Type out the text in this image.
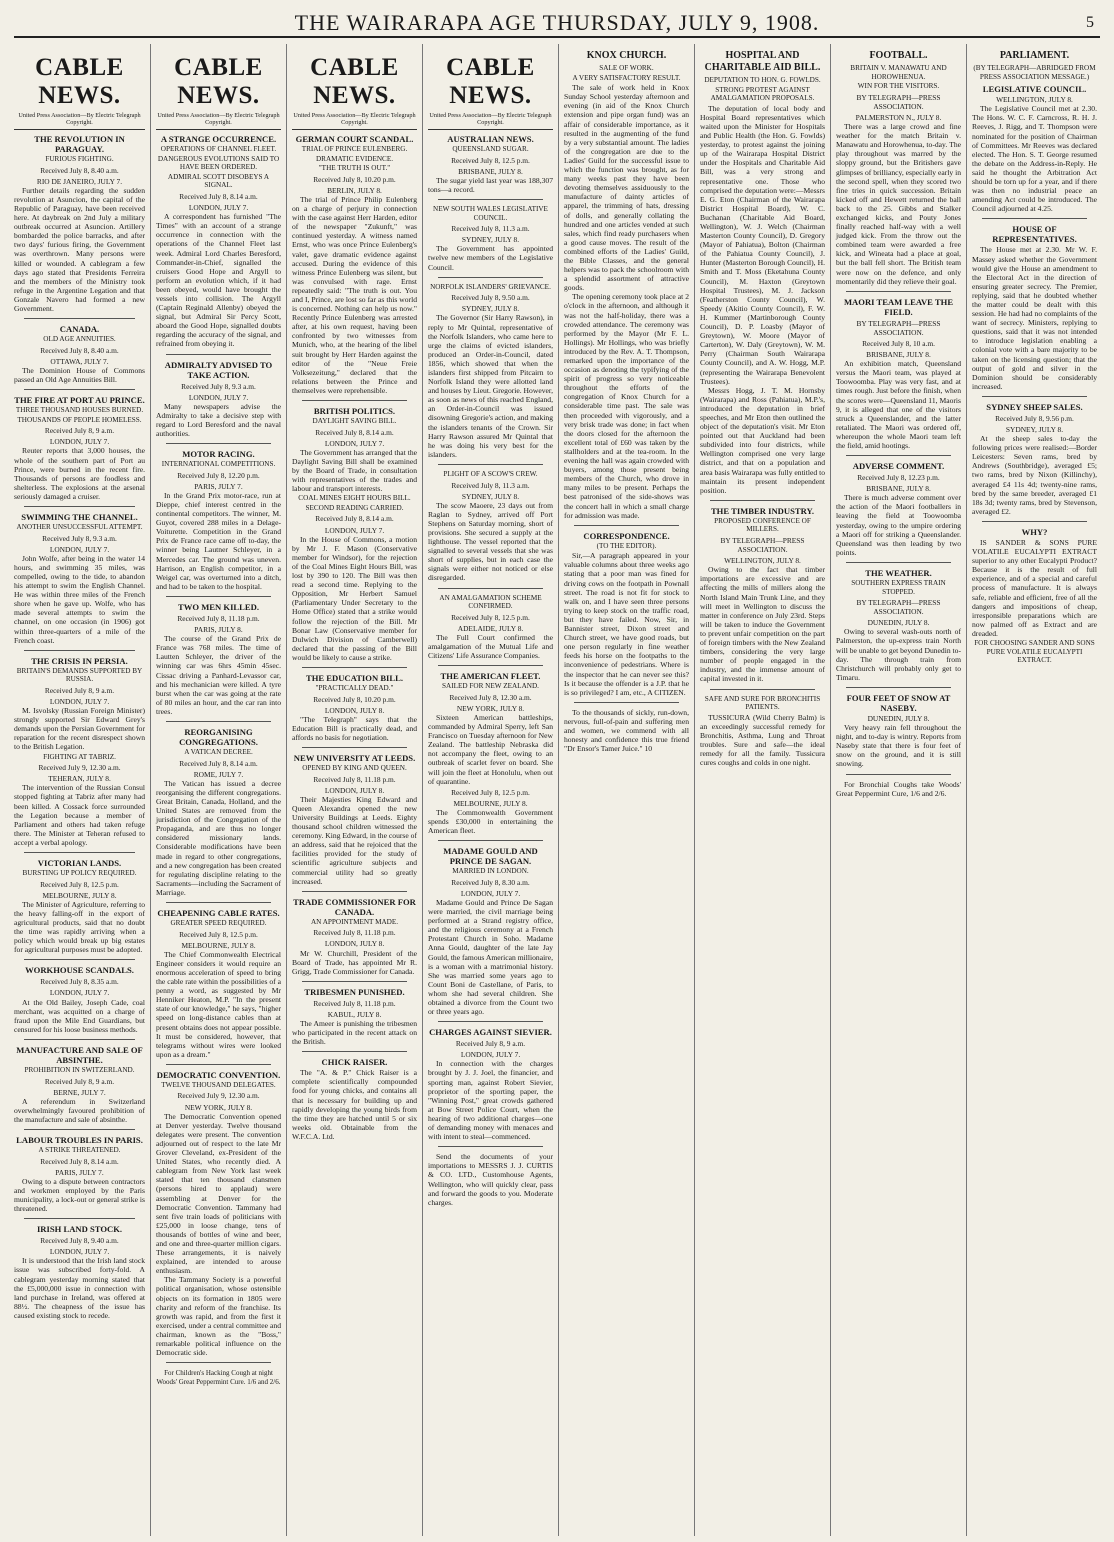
THE WAIRARAPA AGE THURSDAY, JULY 9, 1908.	5
CABLE NEWS.
United Press Association—By Electric Telegraph Copyright.
THE REVOLUTION IN PARAGUAY.
FURIOUS FIGHTING.
Received July 8, 8.40 a.m.
RIO DE JANEIRO, JULY 7.

Further details regarding the sudden revolution at Asuncion, the capital of the Republic of Paraguay, have been received here. At daybreak on 2nd July a military outbreak occurred at Asuncion. Artillery bombarded the police barracks, and after two days' furious firing, the Government was overthrown. Many persons were killed or wounded. A cablegram a few days ago stated that Presidents Ferreira and the members of the Ministry took refuge in the Argentine Legation and that Gonzale Navero had formed a new Government.

CANADA.
OLD AGE ANNUITIES.
Received July 8, 8.40 a.m.
OTTAWA, JULY 7.

The Dominion House of Commons passed an Old Age Annuities Bill.

THE FIRE AT PORT AU PRINCE.
THREE THOUSAND HOUSES BURNED.
THOUSANDS OF PEOPLE HOMELESS.
Received July 8, 9 a.m.
LONDON, JULY 7.

Reuter reports that 3,000 houses, the whole of the southern part of Port au Prince, were burned in the recent fire. Thousands of persons are foodless and shelterless. The explosions at the arsenal seriously damaged a cruiser.

SWIMMING THE CHANNEL.
ANOTHER UNSUCCESSFUL ATTEMPT.
Received July 8, 9.3 a.m.
LONDON, JULY 7.

John Wolfe, after being in the water 14 hours, and swimming 35 miles, was compelled, owing to the tide, to abandon his attempt to swim the English Channel. He was within three miles of the French shore when he gave up. Wolfe, who has made several attempts to swim the channel, on one occasion (in 1906) got within three-quarters of a mile of the French coast.

THE CRISIS IN PERSIA.
BRITAIN'S DEMANDS SUPPORTED BY RUSSIA.
Received July 8, 9 a.m.
LONDON, JULY 7.

M. Isvolsky (Russian Foreign Minister) strongly supported Sir Edward Grey's demands upon the Persian Government for reparation for the recent disrespect shown to the British Legation.

FIGHTING AT TABRIZ.
Received July 9, 12.30 a.m.
TEHERAN, JULY 8.

The intervention of the Russian Consul stopped fighting at Tabriz after many had been killed. A Cossack force surrounded the Legation because a member of Parliament and others had taken refuge there. The Minister at Teheran refused to accept a verbal apology.

VICTORIAN LANDS.
BURSTING UP POLICY REQUIRED.
Received July 8, 12.5 p.m.
MELBOURNE, JULY 8.

The Minister of Agriculture, referring to the heavy falling-off in the export of agricultural products, said that no doubt the time was rapidly arriving when a policy which would break up big estates for agricultural purposes must be adopted.

WORKHOUSE SCANDALS.
Received July 8, 8.35 a.m.
LONDON, JULY 7.

At the Old Bailey, Joseph Cade, coal merchant, was acquitted on a charge of fraud upon the Mile End Guardians, but censured for his loose business methods.

MANUFACTURE AND SALE OF ABSINTHE.
PROHIBITION IN SWITZERLAND.
Received July 8, 9 a.m.
BERNE, JULY 7.

A referendum in Switzerland overwhelmingly favoured prohibition of the manufacture and sale of absinthe.

LABOUR TROUBLES IN PARIS.
A STRIKE THREATENED.
Received July 8, 8.14 a.m.
PARIS, JULY 7.

Owing to a dispute between contractors and workmen employed by the Paris municipality, a lock-out or general strike is threatened.

IRISH LAND STOCK.
Received July 8, 9.40 a.m.
LONDON, JULY 7.

It is understood that the Irish land stock issue was subscribed forty-fold. A cablegram yesterday morning stated that the £5,000,000 issue in connection with land purchase in Ireland, was offered at 88½. The cheapness of the issue has caused existing stock to recede.

CABLE NEWS.
United Press Association—By Electric Telegraph Copyright.
A STRANGE OCCURRENCE.
OPERATIONS OF CHANNEL FLEET.
DANGEROUS EVOLUTIONS SAID TO HAVE BEEN ORDERED.
ADMIRAL SCOTT DISOBEYS A SIGNAL.
Received July 8, 8.14 a.m.
LONDON, JULY 7.

A correspondent has furnished "The Times" with an account of a strange occurrence in connection with the operations of the Channel Fleet last week. Admiral Lord Charles Beresford, Commander-in-Chief, signalled the cruisers Good Hope and Argyll to perform an evolution which, if it had been obeyed, would have brought the vessels into collision. The Argyll (Captain Reginald Allenby) obeyed the signal, but Admiral Sir Percy Scott, aboard the Good Hope, signalled doubts regarding the accuracy of the signal, and refrained from obeying it.

ADMIRALTY ADVISED TO TAKE ACTION.
Received July 8, 9.3 a.m.
LONDON, JULY 7.

Many newspapers advise the Admiralty to take a decisive step with regard to Lord Beresford and the naval authorities.

MOTOR RACING.
INTERNATIONAL COMPETITIONS.
Received July 8, 12.20 p.m.
PARIS, JULY 7.

In the Grand Prix motor-race, run at Dieppe, chief interest centred in the continental competitors. The winner, M. Guyot, covered 288 miles in a Delage-Voiturette. Competition in the Grand Prix de France race came off to-day, the winner being Lautner Schleyer, in a Mercedes car. The ground was uneven. Harrison, an English competitor, in a Weigel car, was overturned into a ditch, and had to be taken to the hospital.

TWO MEN KILLED.
Received July 8, 11.18 p.m.
PARIS, JULY 8.

The course of the Grand Prix de France was 768 miles. The time of Lautten Schleyer, the driver of the winning car was 6hrs 45min 45sec. Cissac driving a Panhard-Levassor car, and his mechanician were killed. A tyre burst when the car was going at the rate of 80 miles an hour, and the car ran into trees.

REORGANISING CONGREGATIONS.
A VATICAN DECREE.
Received July 8, 8.14 a.m.
ROME, JULY 7.

The Vatican has issued a decree reorganising the different congregations. Great Britain, Canada, Holland, and the United States are removed from the jurisdiction of the Congregation of the Propaganda, and are thus no longer considered missionary lands. Considerable modifications have been made in regard to other congregations, and a new congregation has been created for regulating discipline relating to the Sacraments—including the Sacrament of Marriage.

CHEAPENING CABLE RATES.
GREATER SPEED REQUIRED.
Received July 8, 12.5 p.m.
MELBOURNE, JULY 8.

The Chief Commonwealth Electrical Engineer considers it would require an enormous acceleration of speed to bring the cable rate within the possibilities of a penny a word, as suggested by Mr Henniker Heaton, M.P. "In the present state of our knowledge," he says, "higher speed on long-distance cables than at present obtains does not appear possible. It must be considered, however, that telegrams without wires were looked upon as a dream."

DEMOCRATIC CONVENTION.
TWELVE THOUSAND DELEGATES.
Received July 9, 12.30 a.m.
NEW YORK, JULY 8.

The Democratic Convention opened at Denver yesterday. Twelve thousand delegates were present. The convention adjourned out of respect to the late Mr Grover Cleveland, ex-President of the United States, who recently died. A cablegram from New York last week stated that ten thousand clansmen (persons hired to applaud) were assembling at Denver for the Democratic Convention. Tammany had sent five train loads of politicians with £25,000 in loose change, tens of thousands of bottles of wine and beer, and one and three-quarter million cigars. These arrangements, it is naively explained, are intended to arouse enthusiasm.

The Tammany Society is a powerful political organisation, whose ostensible objects on its formation in 1805 were charity and reform of the franchise. Its growth was rapid, and from the first it exercised, under a central committee and chairman, known as the "Boss," remarkable political influence on the Democratic side.

For Children's Hacking Cough at night Woods' Great Peppermint Cure. 1/6 and 2/6.
CABLE NEWS.
United Press Association—By Electric Telegraph Copyright.
GERMAN COURT SCANDAL.
TRIAL OF PRINCE EULENBERG.
DRAMATIC EVIDENCE.
"THE TRUTH IS OUT."
Received July 8, 10.20 p.m.
BERLIN, JULY 8.

The trial of Prince Philip Eulenberg on a charge of perjury in connection with the case against Herr Harden, editor of the newspaper "Zukunft," was continued yesterday. A witness named Ernst, who was once Prince Eulenberg's valet, gave dramatic evidence against accused. During the evidence of this witness Prince Eulenberg was silent, but was convulsed with rage. Ernst repeatedly said: "The truth is out. You and I, Prince, are lost so far as this world is concerned. Nothing can help us now." Recently Prince Eulenberg was arrested after, at his own request, having been confronted by two witnesses from Munich, who, at the hearing of the libel suit brought by Herr Harden against the editor of the "Neue Freie Volksezeitung," declared that the relations between the Prince and themselves were reprehensible.

BRITISH POLITICS.
DAYLIGHT SAVING BILL.
Received July 8, 8.14 a.m.
LONDON, JULY 7.

The Government has arranged that the Daylight Saving Bill shall be examined by the Board of Trade, in consultation with representatives of the trades and labour and transport interests.

COAL MINES EIGHT HOURS BILL.
SECOND READING CARRIED.
Received July 8, 8.14 a.m.
LONDON, JULY 7.

In the House of Commons, a motion by Mr J. F. Mason (Conservative member for Windsor), for the rejection of the Coal Mines Eight Hours Bill, was lost by 390 to 120. The Bill was then read a second time. Replying to the Opposition, Mr Herbert Samuel (Parliamentary Under Secretary to the Home Office) stated that a strike would follow the rejection of the Bill. Mr Bonar Law (Conservative member for Dulwich Division of Camberwell) declared that the passing of the Bill would be likely to cause a strike.

THE EDUCATION BILL.
"PRACTICALLY DEAD."
Received July 8, 10.20 p.m.
LONDON, JULY 8.

"The Telegraph" says that the Education Bill is practically dead, and affords no basis for negotiation.

NEW UNIVERSITY AT LEEDS.
OPENED BY KING AND QUEEN.
Received July 8, 11.18 p.m.
LONDON, JULY 8.

Their Majesties King Edward and Queen Alexandra opened the new University Buildings at Leeds. Eighty thousand school children witnessed the ceremony. King Edward, in the course of an address, said that he rejoiced that the facilities provided for the study of scientific agriculture subjects and commercial utility had so greatly increased.

TRADE COMMISSIONER FOR CANADA.
AN APPOINTMENT MADE.
Received July 8, 11.18 p.m.
LONDON, JULY 8.

Mr W. Churchill, President of the Board of Trade, has appointed Mr R. Grigg, Trade Commissioner for Canada.

TRIBESMEN PUNISHED.
Received July 8, 11.18 p.m.
KABUL, JULY 8.

The Ameer is punishing the tribesmen who participated in the recent attack on the British.

CHICK RAISER.

The "A. & P." Chick Raiser is a complete scientifically compounded food for young chicks, and contains all that is necessary for building up and rapidly developing the young birds from the time they are hatched until 5 or six weeks old. Obtainable from the W.F.C.A. Ltd.

CABLE NEWS.
United Press Association—By Electric Telegraph Copyright.
AUSTRALIAN NEWS.
QUEENSLAND SUGAR.
Received July 8, 12.5 p.m.
BRISBANE, JULY 8.

The sugar yield last year was 188,307 tons—a record.

NEW SOUTH WALES LEGISLATIVE COUNCIL.
Received July 8, 11.3 a.m.
SYDNEY, JULY 8.

The Government has appointed twelve new members of the Legislative Council.

NORFOLK ISLANDERS' GRIEVANCE.
Received July 8, 9.50 a.m.
SYDNEY, JULY 8.

The Governor (Sir Harry Rawson), in reply to Mr Quintal, representative of the Norfolk Islanders, who came here to urge the claims of evicted islanders, produced an Order-in-Council, dated 1856, which showed that when the islanders first shipped from Pitcairn to Norfolk Island they were allotted land and houses by Lieut. Gregorie. However, as soon as news of this reached England, an Order-in-Council was issued disowning Gregorie's action, and making the islanders tenants of the Crown. Sir Harry Rawson assured Mr Quintal that he was doing his very best for the islanders.

PLIGHT OF A SCOW'S CREW.
Received July 8, 11.3 a.m.
SYDNEY, JULY 8.

The scow Maoere, 23 days out from Raglan to Sydney, arrived off Port Stephens on Saturday morning, short of provisions. She secured a supply at the lighthouse. The vessel reported that the signalled to several vessels that she was short of supplies, but in each case the signals were either not noticed or else disregarded.

AN AMALGAMATION SCHEME CONFIRMED.
Received July 8, 12.5 p.m.
ADELAIDE, JULY 8.

The Full Court confirmed the amalgamation of the Mutual Life and Citizens' Life Assurance Companies.

THE AMERICAN FLEET.
SAILED FOR NEW ZEALAND.
Received July 8, 12.30 a.m.
NEW YORK, JULY 8.

Sixteen American battleships, commanded by Admiral Sperry, left San Francisco on Tuesday afternoon for New Zealand. The battleship Nebraska did not accompany the fleet, owing to an outbreak of scarlet fever on board. She will join the fleet at Honolulu, when out of quarantine.

Received July 8, 12.5 p.m.
MELBOURNE, JULY 8.

The Commonwealth Government spends £30,000 in entertaining the American fleet.

MADAME GOULD AND PRINCE DE SAGAN.
MARRIED IN LONDON.
Received July 8, 8.30 a.m.
LONDON, JULY 7.

Madame Gould and Prince De Sagan were married, the civil marriage being performed at a Strand registry office, and the religious ceremony at a French Protestant Church in Soho. Madame Anna Gould, daughter of the late Jay Gould, the famous American millionaire, is a woman with a matrimonial history. She was married some years ago to Count Boni de Castellane, of Paris, to whom she had several children. She obtained a divorce from the Count two or three years ago.

CHARGES AGAINST SIEVIER.
Received July 8, 9 a.m.
LONDON, JULY 7.

In connection with the charges brought by J. J. Joel, the financier, and sporting man, against Robert Sievier, proprietor of the sporting paper, the "Winning Post," great crowds gathered at Bow Street Police Court, when the hearing of two additional charges—one of demanding money with menaces and with intent to steal—commenced.

Send the documents of your importations to MESSRS J. J. CURTIS & CO. LTD., Customhouse Agents, Wellington, who will quickly clear, pass and forward the goods to you. Moderate charges.

KNOX CHURCH.
SALE OF WORK.
A VERY SATISFACTORY RESULT.

The sale of work held in Knox Sunday School yesterday afternoon and evening (in aid of the Knox Church extension and pipe organ fund) was an affair of considerable importance, as it resulted in the augmenting of the fund by a very substantial amount. The ladies of the congregation are due to the Ladies' Guild for the successful issue to which the function was brought, as for many weeks past they have been devoting themselves assiduously to the manufacture of dainty articles of apparel, the trimming of hats, dressing of dolls, and generally collating the hundred and one articles vended at such sales, which find ready purchasers when a good cause moves. The result of the combined efforts of the Ladies' Guild, the Bible Classes, and the general helpers was to pack the schoolroom with a splendid assortment of attractive goods.

The opening ceremony took place at 2 o'clock in the afternoon, and although it was not the half-holiday, there was a crowded attendance. The ceremony was performed by the Mayor (Mr F. L. Hollings). Mr Hollings, who was briefly introduced by the Rev. A. T. Thompson, remarked upon the importance of the occasion as denoting the typifying of the spirit of progress so very noticeable throughout the efforts of the congregation of Knox Church for a considerable time past. The sale was then proceeded with vigorously, and a very brisk trade was done; in fact when the doors closed for the afternoon the excellent total of £60 was taken by the stallholders and at the tea-room. In the evening the hall was again crowded with buyers, among those present being members of the Church, who drove in many miles to be present. Perhaps the best patronised of the side-shows was the concert hall in which a small charge for admission was made.

CORRESPONDENCE.
(TO THE EDITOR).

Sir,—A paragraph appeared in your valuable columns about three weeks ago stating that a poor man was fined for driving cows on the footpath in Pownall street. The road is not fit for stock to walk on, and I have seen three persons trying to keep stock on the traffic road, but they have failed. Now, Sir, in Bannister street, Dixon street and Church street, we have good roads, but one person regularly in fine weather feeds his horse on the footpaths to the inconvenience of pedestrians. Where is the inspector that he can never see this? Is it because the offender is a J.P. that he is so privileged? I am, etc., A CITIZEN.

To the thousands of sickly, run-down, nervous, full-of-pain and suffering men and women, we commend with all honesty and confidence this true friend "Dr Ensor's Tamer Juice." 10

HOSPITAL AND CHARITABLE AID BILL.
DEPUTATION TO HON. G. FOWLDS.
STRONG PROTEST AGAINST AMALGAMATION PROPOSALS.

The deputation of local body and Hospital Board representatives which waited upon the Minister for Hospitals and Public Health (the Hon. G. Fowlds) yesterday, to protest against the joining up of the Wairarapa Hospital District under the Hospitals and Charitable Aid Bill, was a very strong and representative one. Those who comprised the deputation were:—Messrs E. G. Eton (Chairman of the Wairarapa District Hospital Board), W. C. Buchanan (Charitable Aid Board, Wellington), W. J. Welch (Chairman Masterton County Council), D. Gregory (Mayor of Pahiatua), Bolton (Chairman of the Pahiatua County Council), J. Hunter (Masterton Borough Council), H. Smith and T. Moss (Eketahuna County Council), M. Haxton (Greytown Hospital Trustees), M. J. Jackson (Featherston County Council), W. Speedy (Akitio County Council), F. W. H. Kummer (Martinborough County Council), D. P. Loasby (Mayor of Greytown), W. Moore (Mayor of Carterton), W. Daly (Greytown), W. M. Perry (Chairman South Wairarapa County Council), and A. W. Hogg, M.P. (representing the Wairarapa Benevolent Trustees).

Messrs Hogg, J. T. M. Hornsby (Wairarapa) and Ross (Pahiatua), M.P.'s, introduced the deputation in brief speeches, and Mr Eton then outlined the object of the deputation's visit. Mr Eton pointed out that Auckland had been subdivided into four districts, while Wellington comprised one very large district, and that on a population and area basis Wairarapa was fully entitled to maintain its present independent position.

THE TIMBER INDUSTRY.
PROPOSED CONFERENCE OF MILLERS.
BY TELEGRAPH—PRESS ASSOCIATION.
WELLINGTON, JULY 8.

Owing to the fact that timber importations are excessive and are affecting the mills of millers along the North Island Main Trunk Line, and they will meet in Wellington to discuss the matter in conference on July 23rd. Steps will be taken to induce the Government to prevent unfair competition on the part of foreign timbers with the New Zealand timbers, considering the very large number of people engaged in the industry, and the immense amount of capital invested in it.

SAFE AND SURE FOR BRONCHITIS PATIENTS.

TUSSICURA (Wild Cherry Balm) is an exceedingly successful remedy for Bronchitis, Asthma, Lung and Throat troubles. Sure and safe—the ideal remedy for all the family. Tussicura cures coughs and colds in one night.

FOOTBALL.
BRITAIN V. MANAWATU AND HOROWHENUA.
WIN FOR THE VISITORS.
BY TELEGRAPH—PRESS ASSOCIATION.
PALMERSTON N., JULY 8.

There was a large crowd and fine weather for the match Britain v. Manawatu and Horowhenua, to-day. The play throughout was marred by the sloppy ground, but the Britishers gave glimpses of brilliancy, especially early in the second spell, when they scored two fine tries in quick succession. Britain kicked off and Hewett returned the ball back to the 25. Gibbs and Stalker exchanged kicks, and Pouty Jones finally reached half-way with a well judged kick. From the throw out the combined team were awarded a free kick, and Wineata had a place at goal, but the ball fell short. The British team were now on the defence, and only momentarily did they relieve their goal.

MAORI TEAM LEAVE THE FIELD.
BY TELEGRAPH—PRESS ASSOCIATION.
Received July 8, 10 a.m.
BRISBANE, JULY 8.

An exhibition match, Queensland versus the Maori team, was played at Toowoomba. Play was very fast, and at times rough. Just before the finish, when the scores were—Queensland 11, Maoris 9, it is alleged that one of the visitors struck a Queenslander, and the latter retaliated. The Maori was ordered off, whereupon the whole Maori team left the field, amid hootings.

ADVERSE COMMENT.
Received July 8, 12.23 p.m.
BRISBANE, JULY 8.

There is much adverse comment over the action of the Maori footballers in leaving the field at Toowoomba yesterday, owing to the umpire ordering a Maori off for striking a Queenslander. Queensland was then leading by two points.

THE WEATHER.
SOUTHERN EXPRESS TRAIN STOPPED.
BY TELEGRAPH—PRESS ASSOCIATION.
DUNEDIN, JULY 8.

Owing to several wash-outs north of Palmerston, the up-express train North will be unable to get beyond Dunedin to-day. The through train from Christchurch will probably only get to Timaru.

FOUR FEET OF SNOW AT NASEBY.
DUNEDIN, JULY 8.

Very heavy rain fell throughout the night, and to-day is wintry. Reports from Naseby state that there is four feet of snow on the ground, and it is still snowing.

For Bronchial Coughs take Woods' Great Peppermint Cure, 1/6 and 2/6.

PARLIAMENT.
(BY TELEGRAPH—ABRIDGED FROM PRESS ASSOCIATION MESSAGE.)
LEGISLATIVE COUNCIL.
WELLINGTON, JULY 8.

The Legislative Council met at 2.30. The Hons. W. C. F. Carncross, R. H. J. Reeves, J. Rigg, and T. Thompson were nominated for the position of Chairman of Committees. Mr Reeves was declared elected. The Hon. S. T. George resumed the debate on the Address-in-Reply. He said he thought the Arbitration Act should be torn up for a year, and if there was then no industrial peace an amending Act could be introduced. The Council adjourned at 4.25.

HOUSE OF REPRESENTATIVES.

The House met at 2.30. Mr W. F. Massey asked whether the Government would give the House an amendment to the Electoral Act in the direction of ensuring greater secrecy. The Premier, replying, said that he doubted whether the matter could be dealt with this session. He had had no complaints of the want of secrecy. Ministers, replying to questions, said that it was not intended to introduce legislation enabling a colonial vote with a bare majority to be taken on the licensing question; that the output of gold and silver in the Dominion should be considerably increased.

SYDNEY SHEEP SALES.
Received July 8, 9.56 p.m.
SYDNEY, JULY 8.

At the sheep sales to-day the following prices were realised:—Border Leicesters: Seven rams, bred by Andrews (Southbridge), averaged £5; two rams, bred by Nixon (Killinchy), averaged £4 11s 4d; twenty-nine rams, bred by the same breeder, averaged £1 18s 3d; twenty rams, bred by Stevenson, averaged £2.

WHY?

IS SANDER & SONS PURE VOLATILE EUCALYPTI EXTRACT superior to any other Eucalypti Product? Because it is the result of full experience, and of a special and careful process of manufacture. It is always safe, reliable and efficient, free of all the dangers and impositions of cheap, irresponsible preparations which are now palmed off as Extract and are dreaded.

FOR CHOOSING SANDER AND SONS PURE VOLATILE EUCALYPTI EXTRACT.
